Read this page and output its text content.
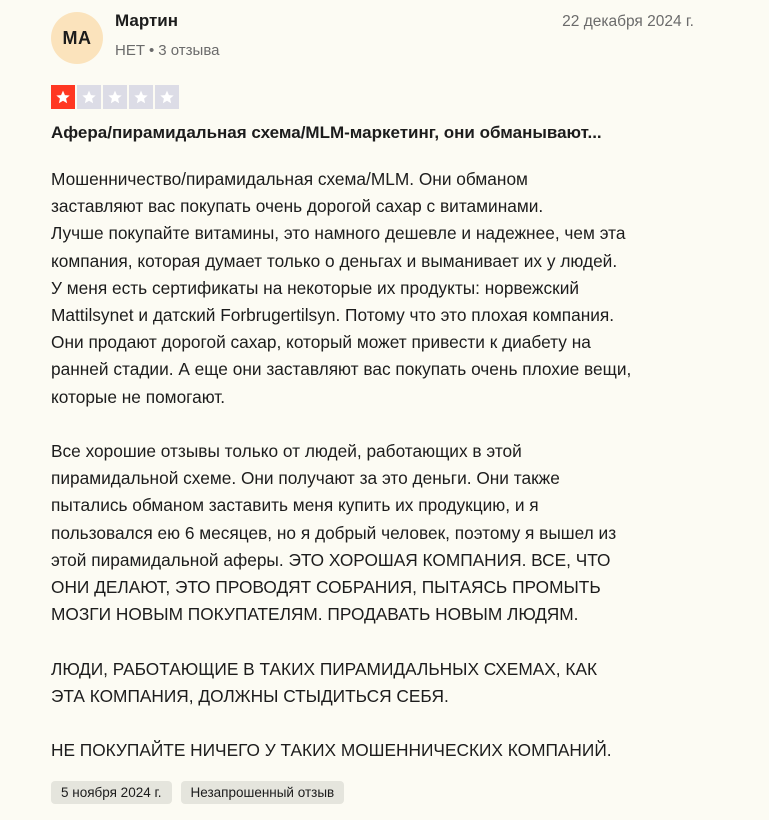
MA
Мартин
НЕТ • 3 отзыва
22 декабря 2024 г.
Афера/пирамидальная схема/MLM-маркетинг, они обманывают...

Мошенничество/пирамидальная схема/MLM. Они обманом
заставляют вас покупать очень дорогой сахар с витаминами.
Лучше покупайте витамины, это намного дешевле и надежнее, чем эта
компания, которая думает только о деньгах и выманивает их у людей.
У меня есть сертификаты на некоторые их продукты: норвежский
Mattilsynet и датский Forbrugertilsyn. Потому что это плохая компания.
Они продают дорогой сахар, который может привести к диабету на
ранней стадии. А еще они заставляют вас покупать очень плохие вещи,
которые не помогают.

Все хорошие отзывы только от людей, работающих в этой
пирамидальной схеме. Они получают за это деньги. Они также
пытались обманом заставить меня купить их продукцию, и я
пользовался ею 6 месяцев, но я добрый человек, поэтому я вышел из
этой пирамидальной аферы. ЭТО ХОРОШАЯ КОМПАНИЯ. ВСЕ, ЧТО
ОНИ ДЕЛАЮТ, ЭТО ПРОВОДЯТ СОБРАНИЯ, ПЫТАЯСЬ ПРОМЫТЬ
МОЗГИ НОВЫМ ПОКУПАТЕЛЯМ. ПРОДАВАТЬ НОВЫМ ЛЮДЯМ.

ЛЮДИ, РАБОТАЮЩИЕ В ТАКИХ ПИРАМИДАЛЬНЫХ СХЕМАХ, КАК
ЭТА КОМПАНИЯ, ДОЛЖНЫ СТЫДИТЬСЯ СЕБЯ.

НЕ ПОКУПАЙТЕ НИЧЕГО У ТАКИХ МОШЕННИЧЕСКИХ КОМПАНИЙ.

5 ноября 2024 г.	Незапрошенный отзыв
